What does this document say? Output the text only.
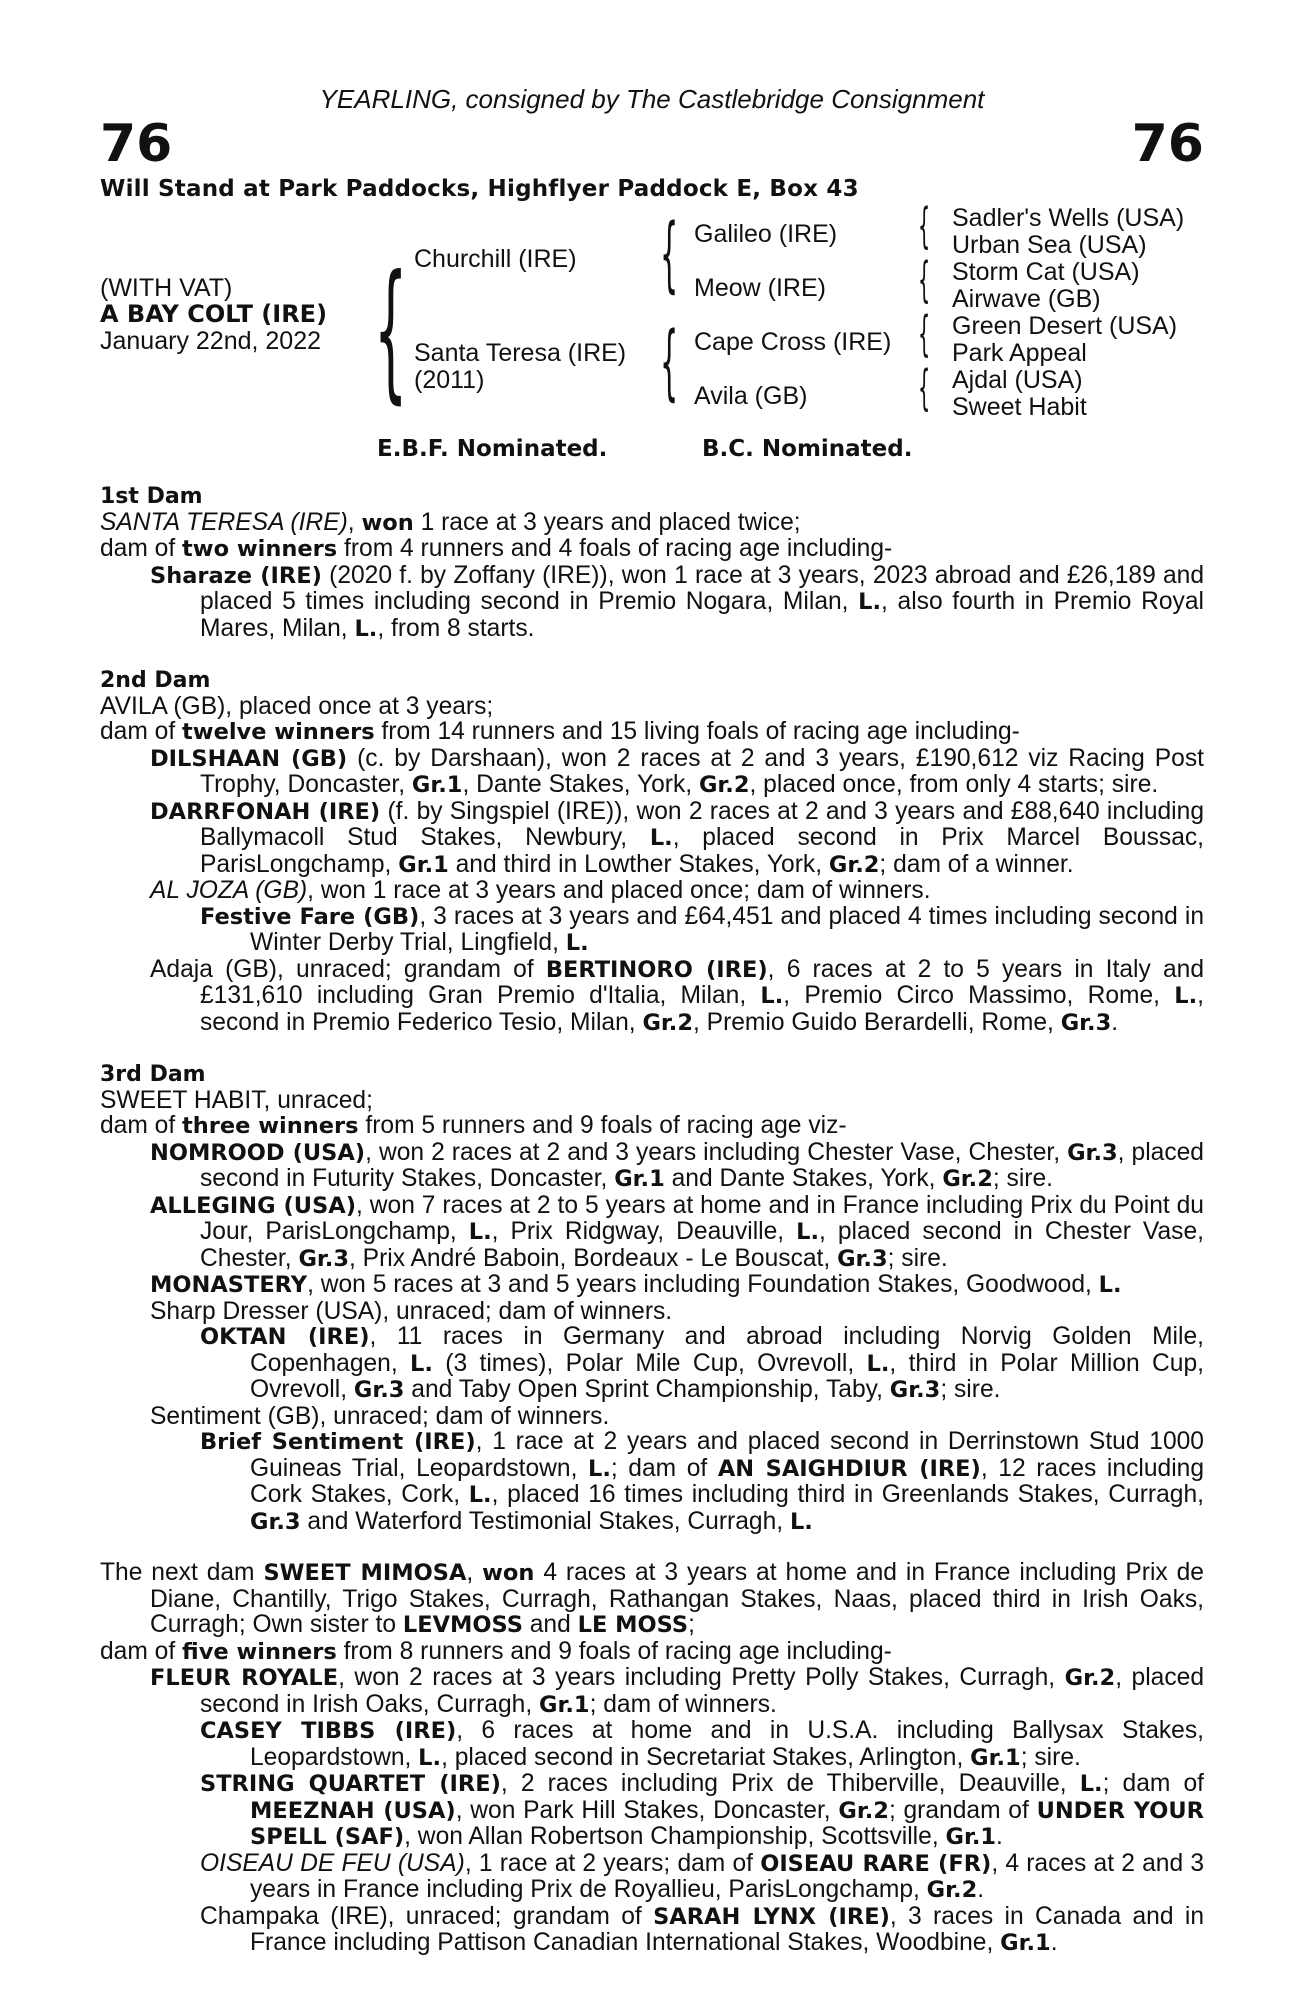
YEARLING, consigned by The Castlebridge Consignment
76	76
Will Stand at Park Paddocks, Highflyer Paddock E, Box 43
(WITH VAT)
A BAY COLT (IRE)
January 22nd, 2022 { Churchill (IRE)
Santa Teresa (IRE)
(2011)
{
{
Galileo (IRE)
Meow (IRE)
Cape Cross (IRE)
Avila (GB)
{
{
{
{
Sadler's Wells (USA)
Urban Sea (USA)
Storm Cat (USA)
Airwave (GB)
Green Desert (USA)
Park Appeal
Ajdal (USA)
Sweet Habit
E.B.F. Nominated.	B.C. Nominated.

1st Dam

SANTA TERESA (IRE), won 1 race at 3 years and placed twice;

dam of two winners from 4 runners and 4 foals of racing age including-

Sharaze (IRE) (2020 f. by Zoffany (IRE)), won 1 race at 3 years, 2023 abroad and £26,189 and placed 5 times including second in Premio Nogara, Milan, L., also fourth in Premio Royal Mares, Milan, L., from 8 starts.

2nd Dam

AVILA (GB), placed once at 3 years;

dam of twelve winners from 14 runners and 15 living foals of racing age including-

DILSHAAN (GB) (c. by Darshaan), won 2 races at 2 and 3 years, £190,612 viz Racing Post Trophy, Doncaster, Gr.1, Dante Stakes, York, Gr.2, placed once, from only 4 starts; sire.

DARRFONAH (IRE) (f. by Singspiel (IRE)), won 2 races at 2 and 3 years and £88,640 including Ballymacoll Stud Stakes, Newbury, L., placed second in Prix Marcel Boussac, ParisLongchamp, Gr.1 and third in Lowther Stakes, York, Gr.2; dam of a winner.

AL JOZA (GB), won 1 race at 3 years and placed once; dam of winners.

Festive Fare (GB), 3 races at 3 years and £64,451 and placed 4 times including second in Winter Derby Trial, Lingfield, L.

Adaja (GB), unraced; grandam of BERTINORO (IRE), 6 races at 2 to 5 years in Italy and £131,610 including Gran Premio d'Italia, Milan, L., Premio Circo Massimo, Rome, L., second in Premio Federico Tesio, Milan, Gr.2, Premio Guido Berardelli, Rome, Gr.3.

3rd Dam

SWEET HABIT, unraced;

dam of three winners from 5 runners and 9 foals of racing age viz-

NOMROOD (USA), won 2 races at 2 and 3 years including Chester Vase, Chester, Gr.3, placed second in Futurity Stakes, Doncaster, Gr.1 and Dante Stakes, York, Gr.2; sire.

ALLEGING (USA), won 7 races at 2 to 5 years at home and in France including Prix du Point du Jour, ParisLongchamp, L., Prix Ridgway, Deauville, L., placed second in Chester Vase, Chester, Gr.3, Prix André Baboin, Bordeaux - Le Bouscat, Gr.3; sire.

MONASTERY, won 5 races at 3 and 5 years including Foundation Stakes, Goodwood, L.

Sharp Dresser (USA), unraced; dam of winners.

OKTAN (IRE), 11 races in Germany and abroad including Norvig Golden Mile, Copenhagen, L. (3 times), Polar Mile Cup, Ovrevoll, L., third in Polar Million Cup, Ovrevoll, Gr.3 and Taby Open Sprint Championship, Taby, Gr.3; sire.

Sentiment (GB), unraced; dam of winners.

Brief Sentiment (IRE), 1 race at 2 years and placed second in Derrinstown Stud 1000 Guineas Trial, Leopardstown, L.; dam of AN SAIGHDIUR (IRE), 12 races including Cork Stakes, Cork, L., placed 16 times including third in Greenlands Stakes, Curragh, Gr.3 and Waterford Testimonial Stakes, Curragh, L.

The next dam SWEET MIMOSA, won 4 races at 3 years at home and in France including Prix de Diane, Chantilly, Trigo Stakes, Curragh, Rathangan Stakes, Naas, placed third in Irish Oaks, Curragh; Own sister to LEVMOSS and LE MOSS;

dam of five winners from 8 runners and 9 foals of racing age including-

FLEUR ROYALE, won 2 races at 3 years including Pretty Polly Stakes, Curragh, Gr.2, placed second in Irish Oaks, Curragh, Gr.1; dam of winners.

CASEY TIBBS (IRE), 6 races at home and in U.S.A. including Ballysax Stakes, Leopardstown, L., placed second in Secretariat Stakes, Arlington, Gr.1; sire.

STRING QUARTET (IRE), 2 races including Prix de Thiberville, Deauville, L.; dam of MEEZNAH (USA), won Park Hill Stakes, Doncaster, Gr.2; grandam of UNDER YOUR SPELL (SAF), won Allan Robertson Championship, Scottsville, Gr.1.

OISEAU DE FEU (USA), 1 race at 2 years; dam of OISEAU RARE (FR), 4 races at 2 and 3 years in France including Prix de Royallieu, ParisLongchamp, Gr.2.

Champaka (IRE), unraced; grandam of SARAH LYNX (IRE), 3 races in Canada and in France including Pattison Canadian International Stakes, Woodbine, Gr.1.
